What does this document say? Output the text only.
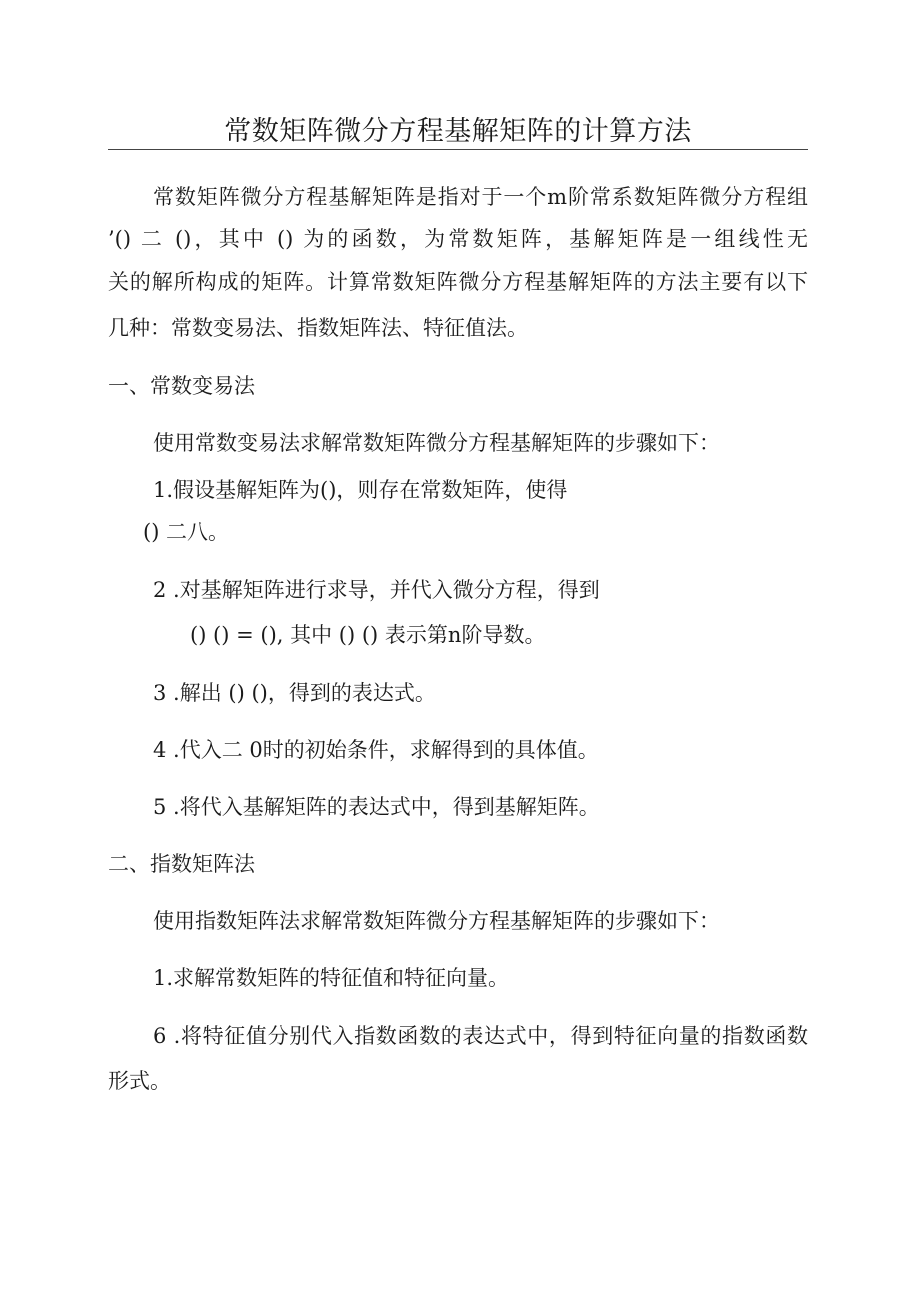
常数矩阵微分方程基解矩阵的计算方法
常数矩阵微分方程基解矩阵是指对于一个m阶常系数矩阵微分方程组
’() 二 ()，其中 () 为的函数，为常数矩阵，基解矩阵是一组线性无
关的解所构成的矩阵。计算常数矩阵微分方程基解矩阵的方法主要有以下
几种：常数变易法、指数矩阵法、特征值法。
一、常数变易法
使用常数变易法求解常数矩阵微分方程基解矩阵的步骤如下：
1.假设基解矩阵为()，则存在常数矩阵，使得
() 二八。
2 .对基解矩阵进行求导，并代入微分方程，得到
() () = (), 其中 () () 表示第n阶导数。
3 .解出 () ()，得到的表达式。
4 .代入二 0时的初始条件，求解得到的具体值。
5 .将代入基解矩阵的表达式中，得到基解矩阵。
二、指数矩阵法
使用指数矩阵法求解常数矩阵微分方程基解矩阵的步骤如下：
1.求解常数矩阵的特征值和特征向量。
6 .将特征值分别代入指数函数的表达式中，得到特征向量的指数函数
形式。
